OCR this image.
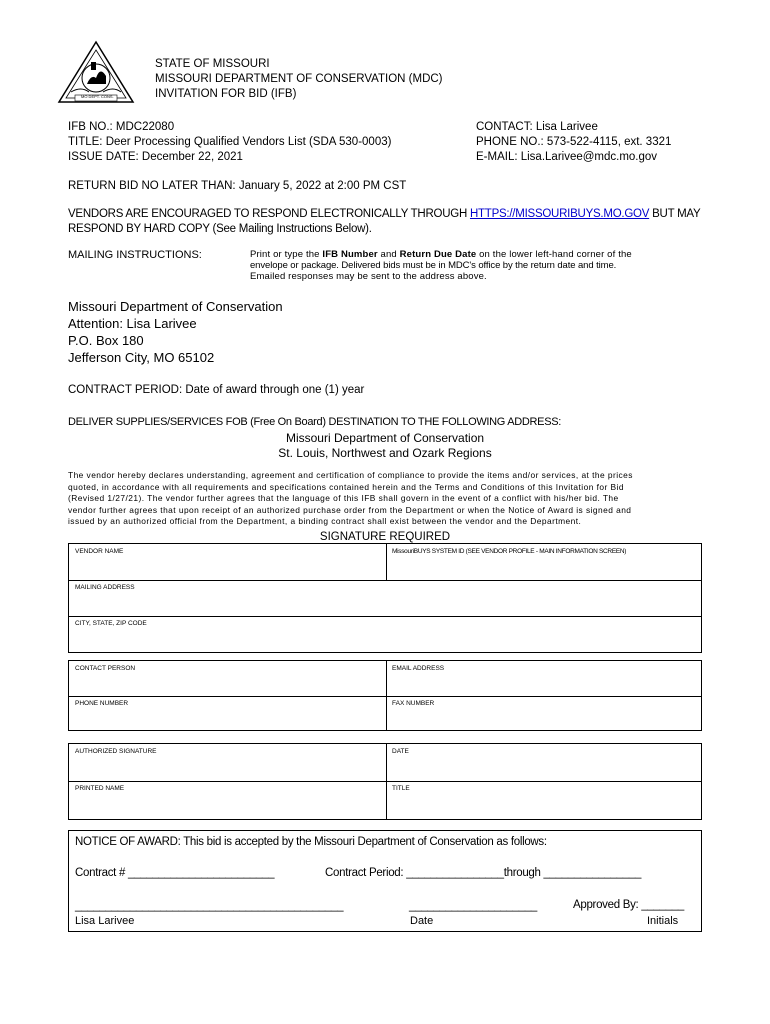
MO DEPT. CONS.
STATE OF MISSOURI
MISSOURI DEPARTMENT OF CONSERVATION (MDC)
INVITATION FOR BID (IFB)
IFB NO.: MDC22080
TITLE: Deer Processing Qualified Vendors List (SDA 530-0003)
ISSUE DATE: December 22, 2021
CONTACT: Lisa Larivee
PHONE NO.: 573-522-4115, ext. 3321
E-MAIL: Lisa.Larivee@mdc.mo.gov
RETURN BID NO LATER THAN: January 5, 2022 at 2:00 PM CST
VENDORS ARE ENCOURAGED TO RESPOND ELECTRONICALLY THROUGH HTTPS://MISSOURIBUYS.MO.GOV BUT MAY
RESPOND BY HARD COPY (See Mailing Instructions Below).
MAILING INSTRUCTIONS:	Print or type the IFB Number and Return Due Date on the lower left-hand corner of the
envelope or package. Delivered bids must be in MDC's office by the return date and time.
Emailed responses may be sent to the address above.
Missouri Department of Conservation
Attention: Lisa Larivee
P.O. Box 180
Jefferson City, MO 65102
CONTRACT PERIOD: Date of award through one (1) year
DELIVER SUPPLIES/SERVICES FOB (Free On Board) DESTINATION TO THE FOLLOWING ADDRESS:
Missouri Department of Conservation
St. Louis, Northwest and Ozark Regions
The vendor hereby declares understanding, agreement and certification of compliance to provide the items and/or services, at the prices
quoted, in accordance with all requirements and specifications contained herein and the Terms and Conditions of this Invitation for Bid
(Revised 1/27/21). The vendor further agrees that the language of this IFB shall govern in the event of a conflict with his/her bid. The
vendor further agrees that upon receipt of an authorized purchase order from the Department or when the Notice of Award is signed and
issued by an authorized official from the Department, a binding contract shall exist between the vendor and the Department.
SIGNATURE REQUIRED
VENDOR NAME	MissouriBUYS SYSTEM ID (SEE VENDOR PROFILE - MAIN INFORMATION SCREEN)
MAILING ADDRESS
CITY, STATE, ZIP CODE
CONTACT PERSON	EMAIL ADDRESS
PHONE NUMBER	FAX NUMBER
AUTHORIZED SIGNATURE	DATE
PRINTED NAME	TITLE
NOTICE OF AWARD: This bid is accepted by the Missouri Department of Conservation as follows:
Contract # ________________________	Contract Period: ________________through ________________
____________________________________________	_____________________	Approved By: _______
Lisa Larivee	Date	Initials
